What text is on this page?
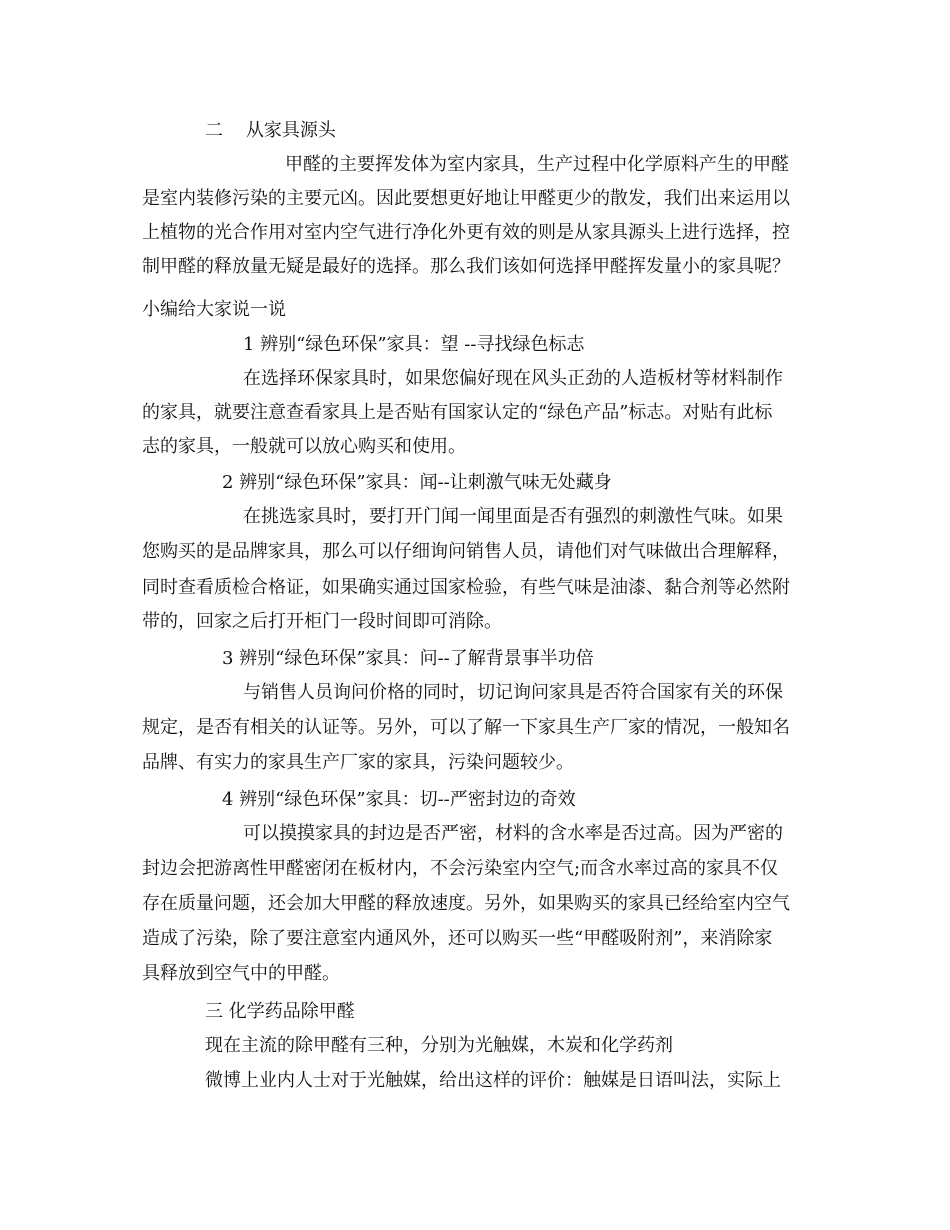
二    从家具源头
甲醛的主要挥发体为室内家具，生产过程中化学原料产生的甲醛
是室内装修污染的主要元凶。因此要想更好地让甲醛更少的散发，我们出来运用以
上植物的光合作用对室内空气进行净化外更有效的则是从家具源头上进行选择，控
制甲醛的释放量无疑是最好的选择。那么我们该如何选择甲醛挥发量小的家具呢？
小编给大家说一说
1 辨别“绿色环保”家具：望 --寻找绿色标志
在选择环保家具时，如果您偏好现在风头正劲的人造板材等材料制作
的家具，就要注意查看家具上是否贴有国家认定的“绿色产品”标志。对贴有此标
志的家具，一般就可以放心购买和使用。
2 辨别“绿色环保”家具：闻--让刺激气味无处藏身
在挑选家具时，要打开门闻一闻里面是否有强烈的刺激性气味。如果
您购买的是品牌家具，那么可以仔细询问销售人员，请他们对气味做出合理解释，
同时查看质检合格证，如果确实通过国家检验，有些气味是油漆、黏合剂等必然附
带的，回家之后打开柜门一段时间即可消除。
3 辨别“绿色环保”家具：问--了解背景事半功倍
与销售人员询问价格的同时，切记询问家具是否符合国家有关的环保
规定，是否有相关的认证等。另外，可以了解一下家具生产厂家的情况，一般知名
品牌、有实力的家具生产厂家的家具，污染问题较少。
4 辨别“绿色环保”家具：切--严密封边的奇效
可以摸摸家具的封边是否严密，材料的含水率是否过高。因为严密的
封边会把游离性甲醛密闭在板材内，不会污染室内空气;而含水率过高的家具不仅
存在质量问题，还会加大甲醛的释放速度。另外，如果购买的家具已经给室内空气
造成了污染，除了要注意室内通风外，还可以购买一些“甲醛吸附剂”，来消除家
具释放到空气中的甲醛。
三 化学药品除甲醛
现在主流的除甲醛有三种，分别为光触媒，木炭和化学药剂
微博上业内人士对于光触媒，给出这样的评价：触媒是日语叫法，实际上
